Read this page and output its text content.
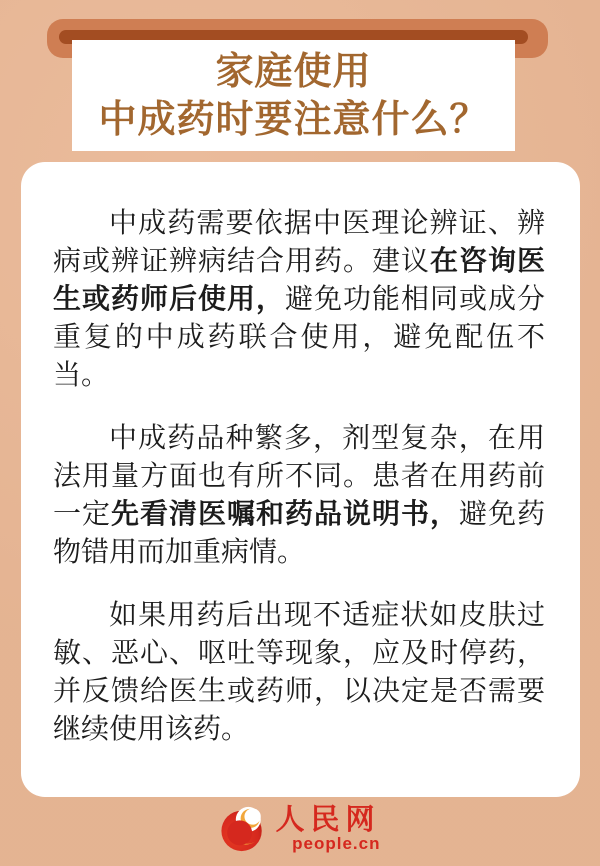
家庭使用
中成药时要注意什么？

中成药需要依据中医理论辨证、辨病或辨证辨病结合用药。建议在咨询医生或药师后使用，避免功能相同或成分重复的中成药联合使用，避免配伍不当。

中成药品种繁多，剂型复杂，在用法用量方面也有所不同。患者在用药前一定先看清医嘱和药品说明书，避免药物错用而加重病情。

如果用药后出现不适症状如皮肤过敏、恶心、呕吐等现象，应及时停药，并反馈给医生或药师，以决定是否需要继续使用该药。

人民网
people.cn
